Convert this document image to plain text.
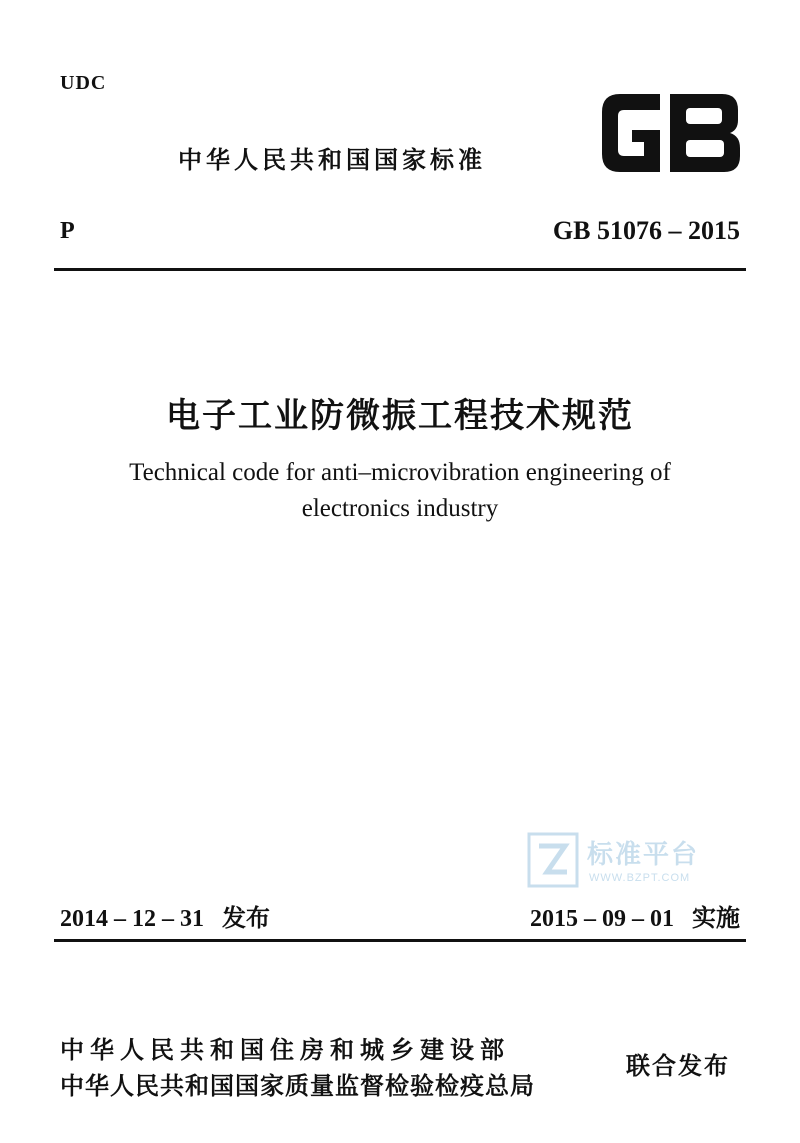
UDC
中华人民共和国国家标准
P	GB 51076 – 2015
电子工业防微振工程技术规范
Technical code for anti–microvibration engineering of
electronics industry
标准平台
WWW.BZPT.COM
2014 – 12 – 31 发布	2015 – 09 – 01 实施
中华人民共和国住房和城乡建设部
中华人民共和国国家质量监督检验检疫总局
联合发布
